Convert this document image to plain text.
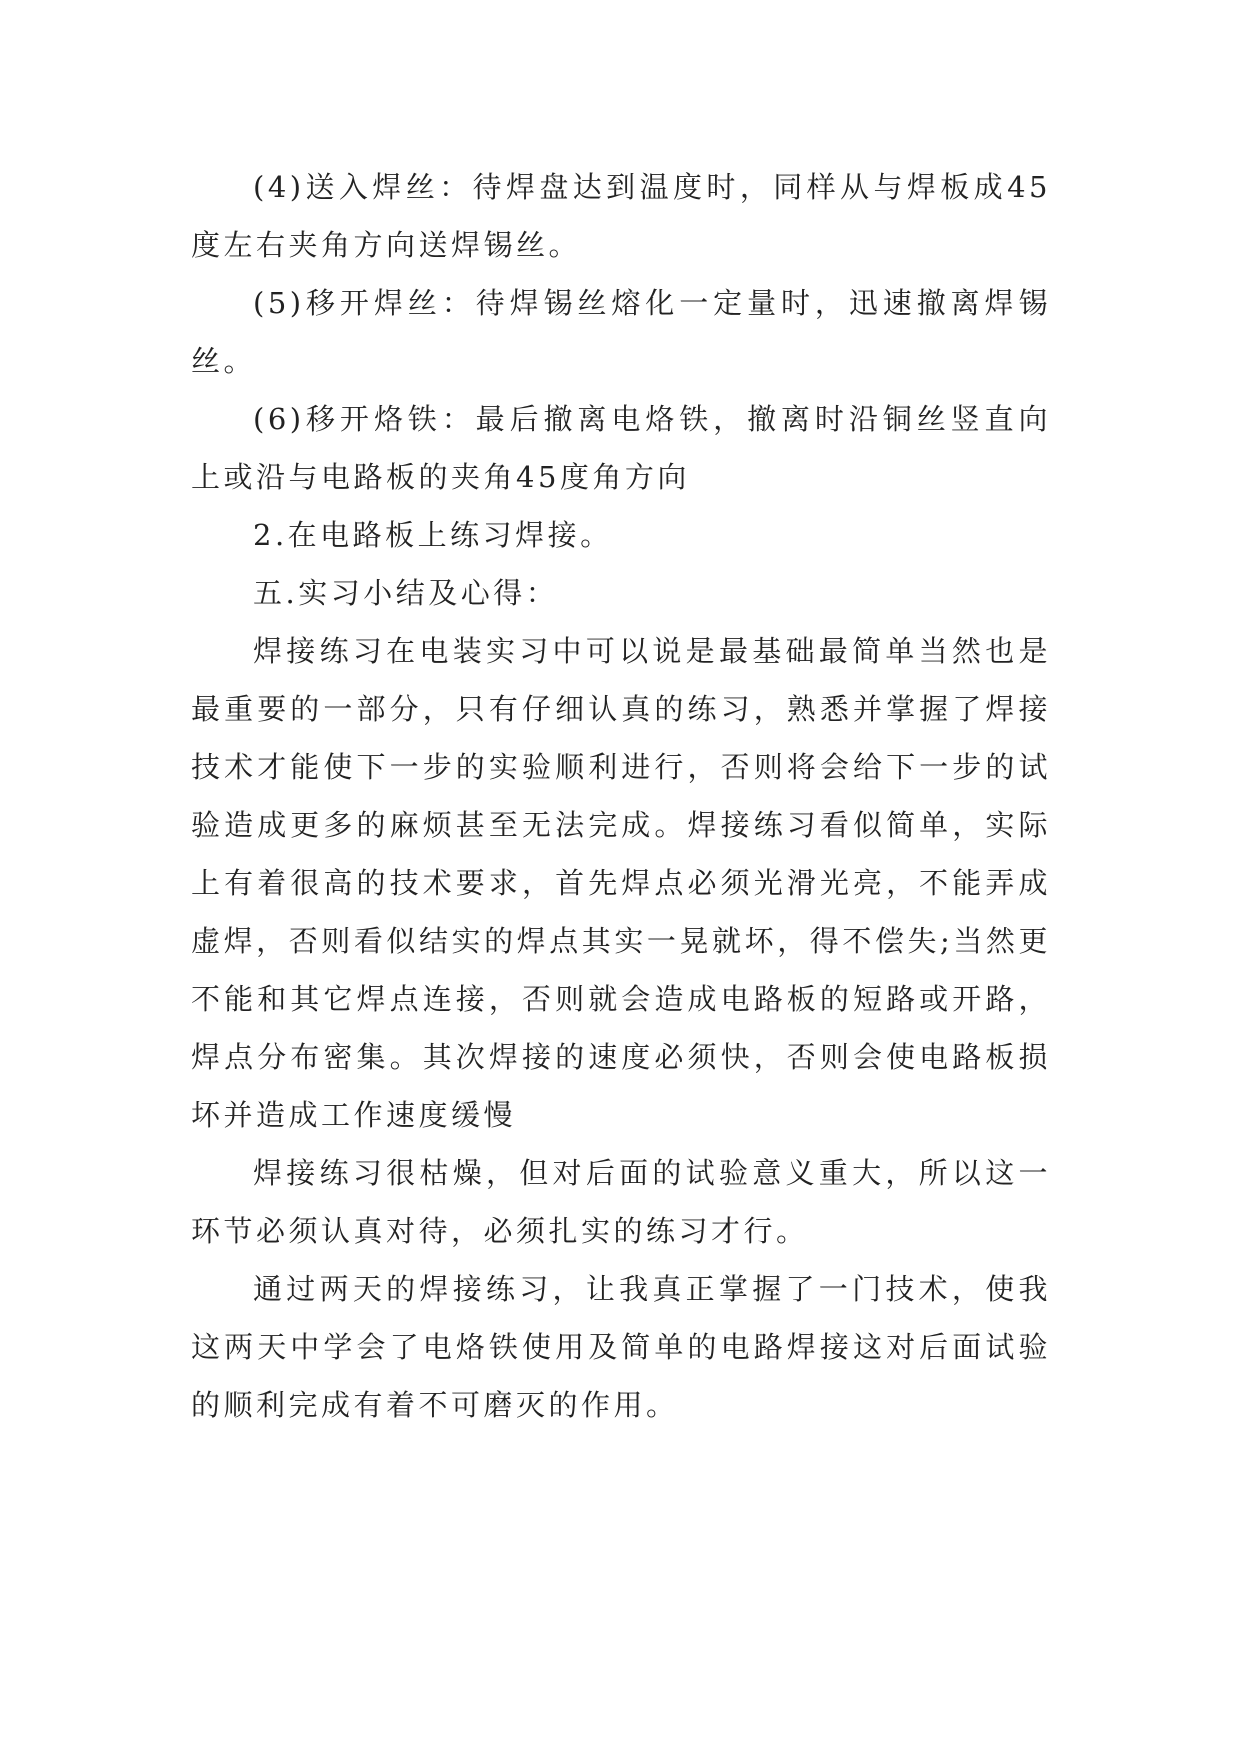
(4)送入焊丝：待焊盘达到温度时，同样从与焊板成45度左右夹角方向送焊锡丝。

(5)移开焊丝：待焊锡丝熔化一定量时，迅速撤离焊锡丝。

(6)移开烙铁：最后撤离电烙铁，撤离时沿铜丝竖直向上或沿与电路板的夹角45度角方向

2.在电路板上练习焊接。

五.实习小结及心得：

焊接练习在电装实习中可以说是最基础最简单当然也是最重要的一部分，只有仔细认真的练习，熟悉并掌握了焊接技术才能使下一步的实验顺利进行，否则将会给下一步的试验造成更多的麻烦甚至无法完成。焊接练习看似简单，实际上有着很高的技术要求，首先焊点必须光滑光亮，不能弄成虚焊，否则看似结实的焊点其实一晃就坏，得不偿失;当然更不能和其它焊点连接，否则就会造成电路板的短路或开路，焊点分布密集。其次焊接的速度必须快，否则会使电路板损坏并造成工作速度缓慢

焊接练习很枯燥，但对后面的试验意义重大，所以这一环节必须认真对待，必须扎实的练习才行。

通过两天的焊接练习，让我真正掌握了一门技术，使我这两天中学会了电烙铁使用及简单的电路焊接这对后面试验的顺利完成有着不可磨灭的作用。
